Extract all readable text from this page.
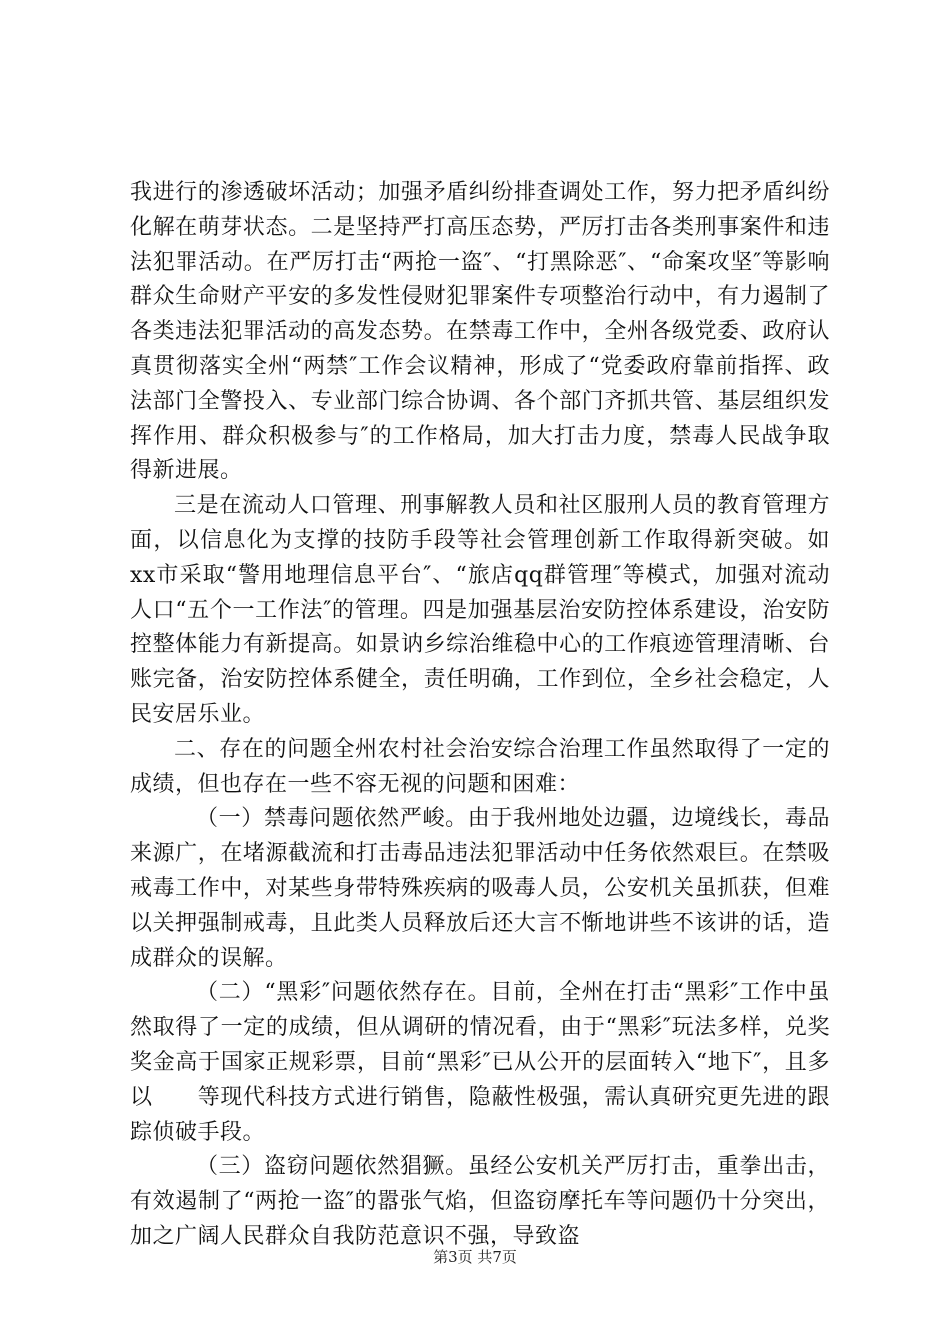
我进行的渗透破坏活动；加强矛盾纠纷排查调处工作，努力把矛盾纠纷化解在萌芽状态。二是坚持严打高压态势，严厉打击各类刑事案件和违法犯罪活动。在严厉打击“两抢一盗″、“打黑除恶″、“命案攻坚″等影响群众生命财产平安的多发性侵财犯罪案件专项整治行动中，有力遏制了各类违法犯罪活动的高发态势。在禁毒工作中，全州各级党委、政府认真贯彻落实全州“两禁″工作会议精神，形成了“党委政府靠前指挥、政法部门全警投入、专业部门综合协调、各个部门齐抓共管、基层组织发挥作用、群众积极参与″的工作格局，加大打击力度，禁毒人民战争取得新进展。

三是在流动人口管理、刑事解教人员和社区服刑人员的教育管理方面，以信息化为支撑的技防手段等社会管理创新工作取得新突破。如xx市采取“警用地理信息平台″、“旅店qq群管理″等模式，加强对流动人口“五个一工作法″的管理。四是加强基层治安防控体系建设，治安防控整体能力有新提高。如景讷乡综治维稳中心的工作痕迹管理清晰、台账完备，治安防控体系健全，责任明确，工作到位，全乡社会稳定，人民安居乐业。

二、存在的问题全州农村社会治安综合治理工作虽然取得了一定的成绩，但也存在一些不容无视的问题和困难：

（一）禁毒问题依然严峻。由于我州地处边疆，边境线长，毒品来源广，在堵源截流和打击毒品违法犯罪活动中任务依然艰巨。在禁吸戒毒工作中，对某些身带特殊疾病的吸毒人员，公安机关虽抓获，但难以关押强制戒毒，且此类人员释放后还大言不惭地讲些不该讲的话，造成群众的误解。

（二）“黑彩″问题依然存在。目前，全州在打击“黑彩″工作中虽然取得了一定的成绩，但从调研的情况看，由于“黑彩″玩法多样，兑奖奖金高于国家正规彩票，目前“黑彩″已从公开的层面转入“地下″，且多以　　等现代科技方式进行销售，隐蔽性极强，需认真研究更先进的跟踪侦破手段。

（三）盗窃问题依然猖獗。虽经公安机关严厉打击，重拳出击，有效遏制了“两抢一盗″的嚣张气焰，但盗窃摩托车等问题仍十分突出，加之广阔人民群众自我防范意识不强，导致盗

第3页 共7页
